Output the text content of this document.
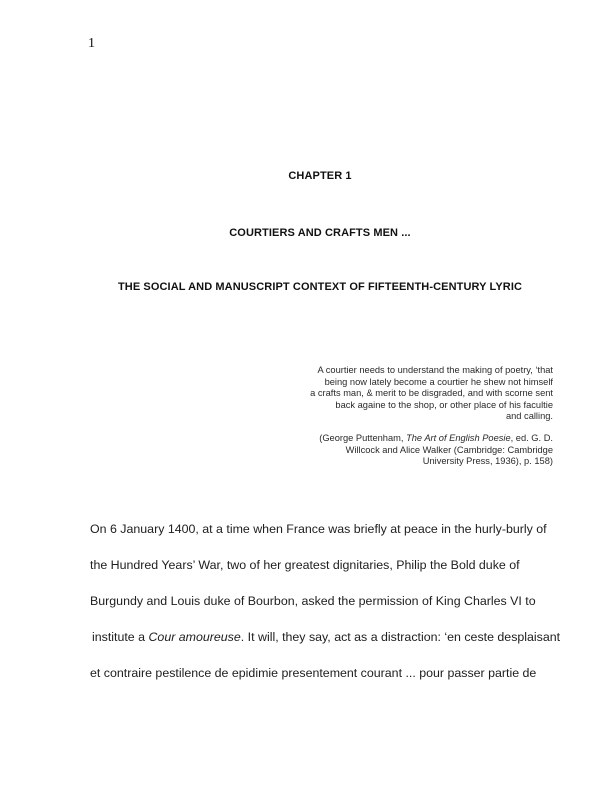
1
CHAPTER 1
COURTIERS AND CRAFTS MEN ...
THE SOCIAL AND MANUSCRIPT CONTEXT OF FIFTEENTH-CENTURY LYRIC
A courtier needs to understand the making of poetry, ‘that
being now lately become a courtier he shew not himself
a crafts man, & merit to be disgraded, and with scorne sent
back againe to the shop, or other place of his facultie
and calling.
(George Puttenham, The Art of English Poesie, ed. G. D.
Willcock and Alice Walker (Cambridge: Cambridge
University Press, 1936), p. 158)
On 6 January 1400, at a time when France was briefly at peace in the hurly-burly of
the Hundred Years’ War, two of her greatest dignitaries, Philip the Bold duke of
Burgundy and Louis duke of Bourbon, asked the permission of King Charles VI to
institute a Cour amoureuse. It will, they say, act as a distraction: ‘en ceste desplaisant
et contraire pestilence de epidimie presentement courant ... pour passer partie de
